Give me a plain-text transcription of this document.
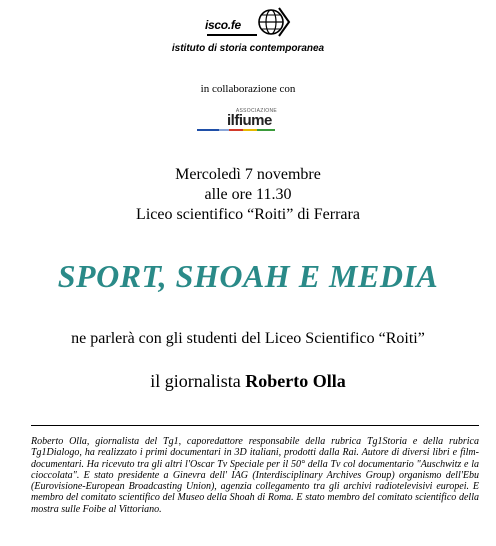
isco.fe
istituto di storia contemporanea
in collaborazione con
ASSOCIAZIONE
ilfiume
Mercoledì 7 novembre
alle ore 11.30
Liceo scientifico “Roiti” di Ferrara
SPORT, SHOAH E MEDIA
ne parlerà con gli studenti del Liceo Scientifico “Roiti”
il giornalista Roberto Olla
Roberto Olla, giornalista del Tg1, caporedattore responsabile della rubrica Tg1Storia e della rubrica Tg1Dialogo, ha realizzato i primi documentari in 3D italiani, prodotti dalla Rai. Autore di diversi libri e film- documentari. Ha ricevuto tra gli altri l'Oscar Tv Speciale per il 50° della Tv col documentario "Auschwitz e la cioccolata". E stato presidente a Ginevra dell' IAG (Interdisciplinary Archives Group) organismo dell'Ebu (Eurovisione-European Broadcasting Union), agenzia collegamento tra gli archivi radiotelevisivi europei. E membro del comitato scientifico del Museo della Shoah di Roma. E stato membro del comitato scientifico della mostra sulle Foibe al Vittoriano.
